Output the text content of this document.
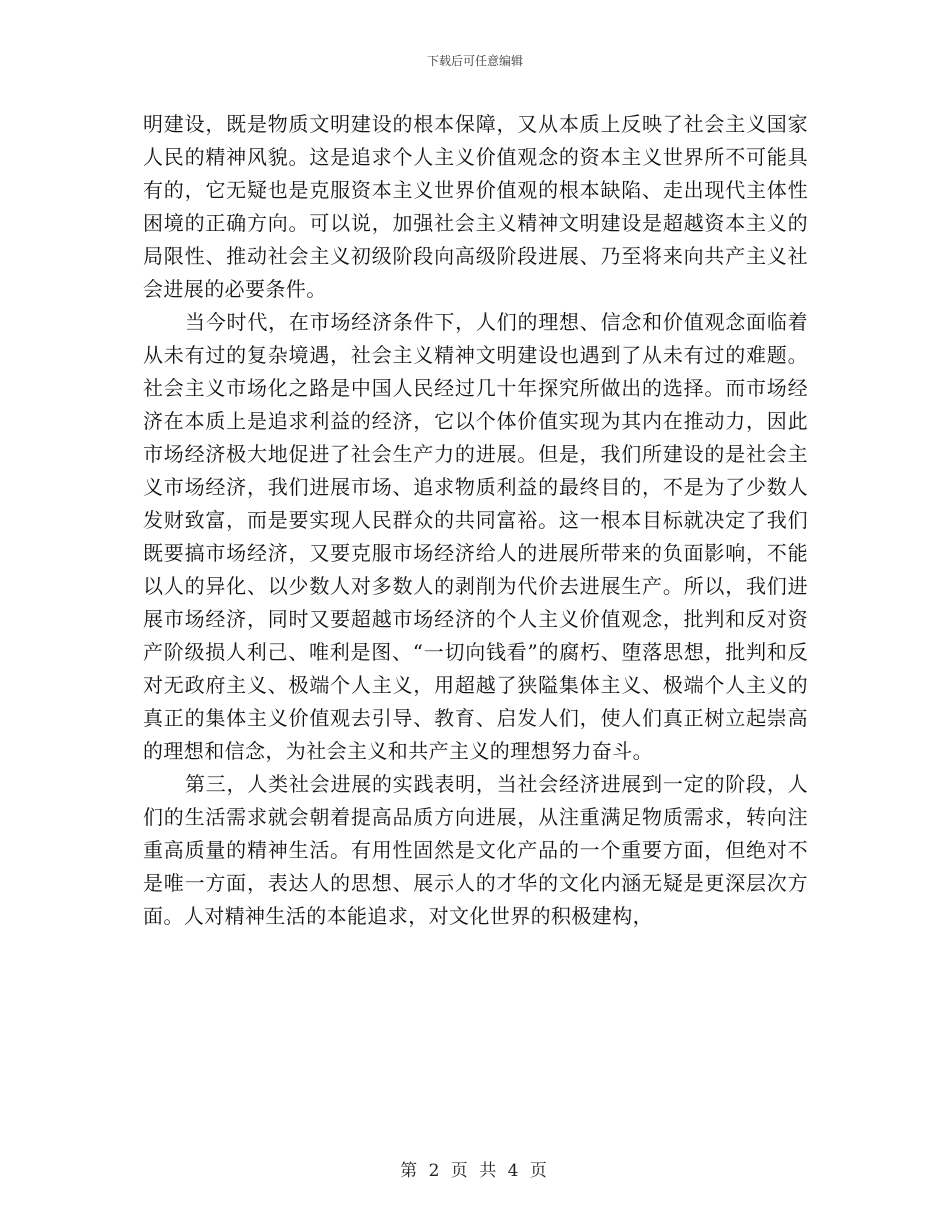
下载后可任意编辑

明建设，既是物质文明建设的根本保障，又从本质上反映了社会主义国家人民的精神风貌。这是追求个人主义价值观念的资本主义世界所不可能具有的，它无疑也是克服资本主义世界价值观的根本缺陷、走出现代主体性困境的正确方向。可以说，加强社会主义精神文明建设是超越资本主义的局限性、推动社会主义初级阶段向高级阶段进展、乃至将来向共产主义社会进展的必要条件。

当今时代，在市场经济条件下，人们的理想、信念和价值观念面临着从未有过的复杂境遇，社会主义精神文明建设也遇到了从未有过的难题。社会主义市场化之路是中国人民经过几十年探究所做出的选择。而市场经济在本质上是追求利益的经济，它以个体价值实现为其内在推动力，因此市场经济极大地促进了社会生产力的进展。但是，我们所建设的是社会主义市场经济，我们进展市场、追求物质利益的最终目的，不是为了少数人发财致富，而是要实现人民群众的共同富裕。这一根本目标就决定了我们既要搞市场经济，又要克服市场经济给人的进展所带来的负面影响，不能以人的异化、以少数人对多数人的剥削为代价去进展生产。所以，我们进展市场经济，同时又要超越市场经济的个人主义价值观念，批判和反对资产阶级损人利己、唯利是图、“一切向钱看”的腐朽、堕落思想，批判和反对无政府主义、极端个人主义，用超越了狭隘集体主义、极端个人主义的真正的集体主义价值观去引导、教育、启发人们，使人们真正树立起崇高的理想和信念，为社会主义和共产主义的理想努力奋斗。

第三，人类社会进展的实践表明，当社会经济进展到一定的阶段，人们的生活需求就会朝着提高品质方向进展，从注重满足物质需求，转向注重高质量的精神生活。有用性固然是文化产品的一个重要方面，但绝对不是唯一方面，表达人的思想、展示人的才华的文化内涵无疑是更深层次方面。人对精神生活的本能追求，对文化世界的积极建构，

第 2 页 共 4 页
